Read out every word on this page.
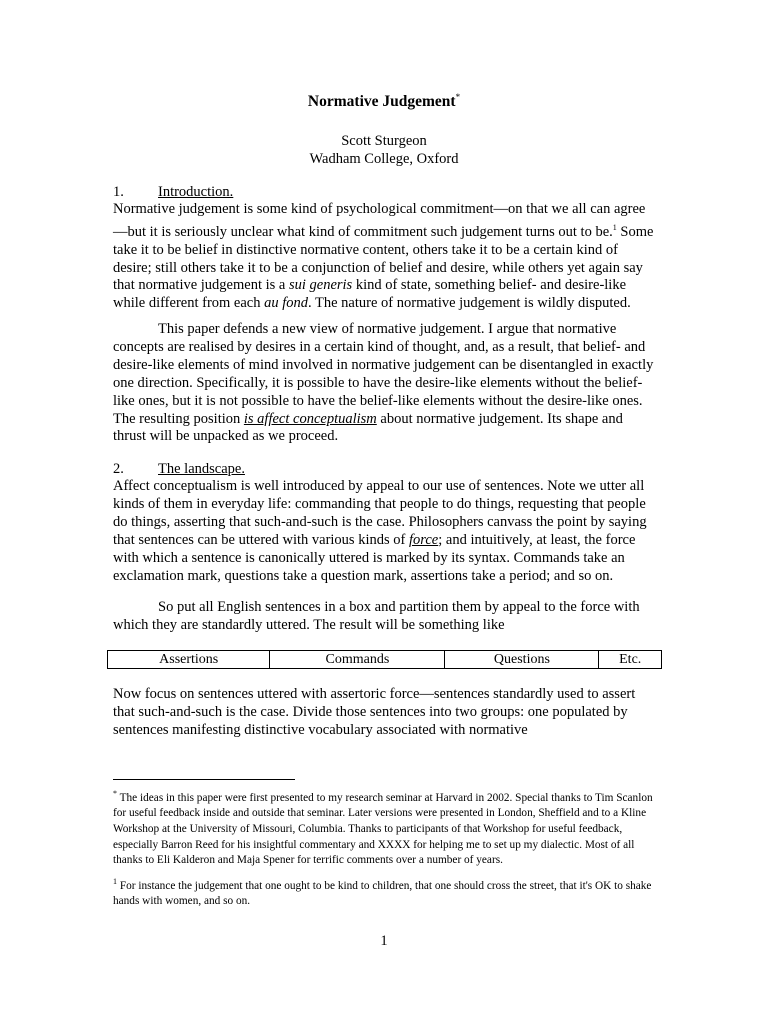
Normative Judgement*
Scott Sturgeon
Wadham College, Oxford
1. Introduction.

Normative judgement is some kind of psychological commitment—on that we all can agree—but it is seriously unclear what kind of commitment such judgement turns out to be.$^1$ Some take it to be belief in distinctive normative content, others take it to be a certain kind of desire; still others take it to be a conjunction of belief and desire, while others yet again say that normative judgement is a sui generis kind of state, something belief- and desire-like while different from each au fond. The nature of normative judgement is wildly disputed.

This paper defends a new view of normative judgement. I argue that normative concepts are realised by desires in a certain kind of thought, and, as a result, that belief- and desire-like elements of mind involved in normative judgement can be disentangled in exactly one direction. Specifically, it is possible to have the desire-like elements without the belief-like ones, but it is not possible to have the belief-like elements without the desire-like ones. The resulting position is affect conceptualism about normative judgement. Its shape and thrust will be unpacked as we proceed.

2. The landscape.

Affect conceptualism is well introduced by appeal to our use of sentences. Note we utter all kinds of them in everyday life: commanding that people to do things, requesting that people do things, asserting that such-and-such is the case. Philosophers canvass the point by saying that sentences can be uttered with various kinds of force; and intuitively, at least, the force with which a sentence is canonically uttered is marked by its syntax. Commands take an exclamation mark, questions take a question mark, assertions take a period; and so on.

So put all English sentences in a box and partition them by appeal to the force with which they are standardly uttered. The result will be something like

Assertions	Commands	Questions	Etc.

Now focus on sentences uttered with assertoric force—sentences standardly used to assert that such-and-such is the case. Divide those sentences into two groups: one populated by sentences manifesting distinctive vocabulary associated with normative

* The ideas in this paper were first presented to my research seminar at Harvard in 2002. Special thanks to Tim Scanlon for useful feedback inside and outside that seminar. Later versions were presented in London, Sheffield and to a Kline Workshop at the University of Missouri, Columbia. Thanks to participants of that Workshop for useful feedback, especially Barron Reed for his insightful commentary and XXXX for helping me to set up my dialectic. Most of all thanks to Eli Kalderon and Maja Spener for terrific comments over a number of years.
$^1$ For instance the judgement that one ought to be kind to children, that one should cross the street, that it's OK to shake hands with women, and so on.
1
